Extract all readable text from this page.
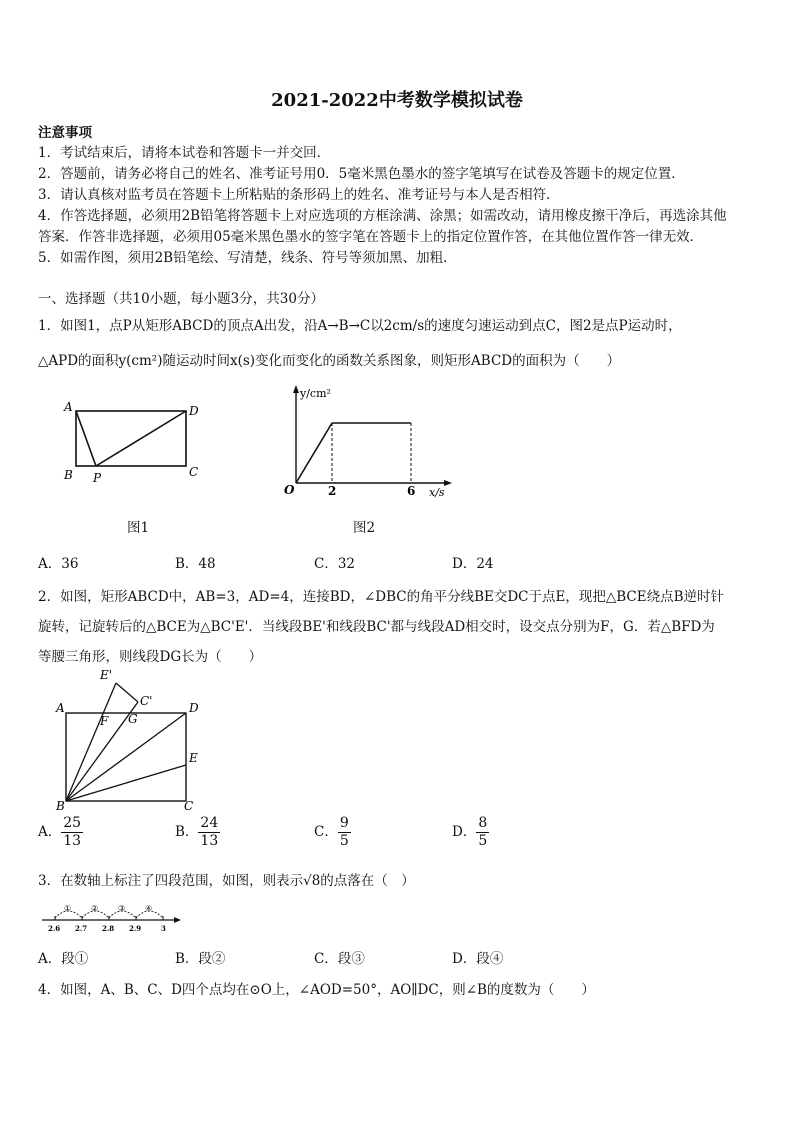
2021-2022中考数学模拟试卷
注意事项
1．考试结束后，请将本试卷和答题卡一并交回．
2．答题前，请务必将自己的姓名、准考证号用0．5毫米黑色墨水的签字笔填写在试卷及答题卡的规定位置．
3．请认真核对监考员在答题卡上所粘贴的条形码上的姓名、准考证号与本人是否相符．
4．作答选择题，必须用2B铅笔将答题卡上对应选项的方框涂满、涂黑；如需改动，请用橡皮擦干净后，再选涂其他
答案．作答非选择题，必须用05毫米黑色墨水的签字笔在答题卡上的指定位置作答，在其他位置作答一律无效．
5．如需作图，须用2B铅笔绘、写清楚，线条、符号等须加黑、加粗．
一、选择题（共10小题，每小题3分，共30分）
1．如图1，点P从矩形ABCD的顶点A出发，沿A→B→C以2cm/s的速度匀速运动到点C，图2是点P运动时，
△APD的面积y(cm²)随运动时间x(s)变化而变化的函数关系图象，则矩形ABCD的面积为（　　）
A
B P	C
D
图1
y/cm²
x/s
O	2	6
图2
A．36	B．48	C．32	D．24
2．如图，矩形ABCD中，AB=3，AD=4，连接BD，∠DBC的角平分线BE交DC于点E，现把△BCE绕点B逆时针
旋转，记旋转后的△BCE为△BC'E'．当线段BE'和线段BC'都与线段AD相交时，设交点分别为F，G．若△BFD为
等腰三角形，则线段DG长为（　　）
E'
C'
A
F G
D
E
B	C
A． $\frac{25}{13}$	B． $\frac{24}{13}$	C． $\frac{9}{5}$	D． $\frac{8}{5}$
3．在数轴上标注了四段范围，如图，则表示√8的点落在（　）
① ② ③ ④
2.6 2.7 2.8 2.9	3
A．段①	B．段②	C．段③	D．段④
4．如图，A、B、C、D四个点均在⊙O上，∠AOD=50°，AO∥DC，则∠B的度数为（　　）
